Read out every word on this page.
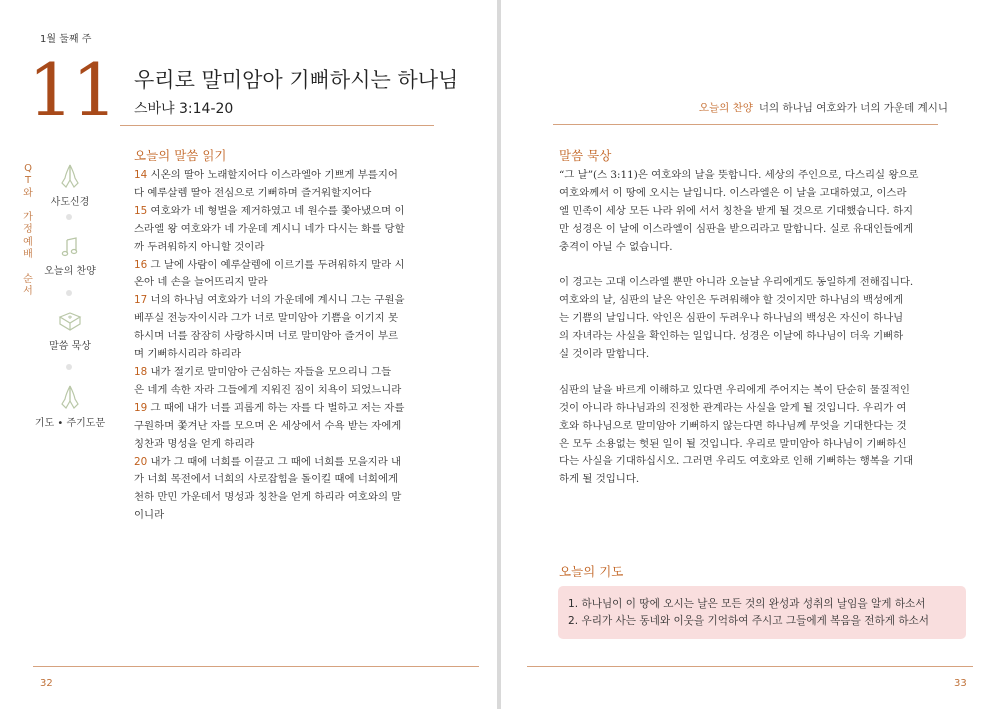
1월 둘째 주
11 우리로 말미암아 기뻐하시는 하나님
스바냐 3:14-20
Q
T
와

가
정
예
배

순
서
사도신경
오늘의 찬양
말씀 묵상
기도 • 주기도문
오늘의 말씀 읽기
14 시온의 딸아 노래할지어다 이스라엘아 기쁘게 부를지어
다 예루살렘 딸아 전심으로 기뻐하며 즐거워할지어다
15 여호와가 네 형벌을 제거하였고 네 원수를 쫓아냈으며 이
스라엘 왕 여호와가 네 가운데 계시니 네가 다시는 화를 당할
까 두려워하지 아니할 것이라
16 그 날에 사람이 예루살렘에 이르기를 두려워하지 말라 시
온아 네 손을 늘어뜨리지 말라
17 너의 하나님 여호와가 너의 가운데에 계시니 그는 구원을
베푸실 전능자이시라 그가 너로 말미암아 기쁨을 이기지 못
하시며 너를 잠잠히 사랑하시며 너로 말미암아 즐거이 부르
며 기뻐하시리라 하리라
18 내가 절기로 말미암아 근심하는 자들을 모으리니 그들
은 네게 속한 자라 그들에게 지워진 짐이 치욕이 되었느니라
19 그 때에 내가 너를 괴롭게 하는 자를 다 벌하고 저는 자를
구원하며 쫓겨난 자를 모으며 온 세상에서 수욕 받는 자에게
칭찬과 명성을 얻게 하리라
20 내가 그 때에 너희를 이끌고 그 때에 너희를 모을지라 내
가 너희 목전에서 너희의 사로잡힘을 돌이킬 때에 너희에게
천하 만민 가운데서 명성과 칭찬을 얻게 하리라 여호와의 말
이니라
32
오늘의 찬양 너의 하나님 여호와가 너의 가운데 계시니
말씀 묵상
“그 날”(스 3:11)은 여호와의 날을 뜻합니다. 세상의 주인으로, 다스리실 왕으로
여호와께서 이 땅에 오시는 날입니다. 이스라엘은 이 날을 고대하였고, 이스라
엘 민족이 세상 모든 나라 위에 서서 칭찬을 받게 될 것으로 기대했습니다. 하지
만 성경은 이 날에 이스라엘이 심판을 받으리라고 말합니다. 실로 유대인들에게
충격이 아닐 수 없습니다.
이 경고는 고대 이스라엘 뿐만 아니라 오늘날 우리에게도 동일하게 전해집니다.
여호와의 날, 심판의 날은 악인은 두려워해야 할 것이지만 하나님의 백성에게
는 기쁨의 날입니다. 악인은 심판이 두려우나 하나님의 백성은 자신이 하나님
의 자녀라는 사실을 확인하는 일입니다. 성경은 이날에 하나님이 더욱 기뻐하
실 것이라 말합니다.
심판의 날을 바르게 이해하고 있다면 우리에게 주어지는 복이 단순히 물질적인
것이 아니라 하나님과의 진정한 관계라는 사실을 알게 될 것입니다. 우리가 여
호와 하나님으로 말미암아 기뻐하지 않는다면 하나님께 무엇을 기대한다는 것
은 모두 소용없는 헛된 일이 될 것입니다. 우리로 말미암아 하나님이 기뻐하신
다는 사실을 기대하십시오. 그러면 우리도 여호와로 인해 기뻐하는 행복을 기대
하게 될 것입니다.
오늘의 기도
1. 하나님이 이 땅에 오시는 날은 모든 것의 완성과 성취의 날임을 알게 하소서
2. 우리가 사는 동네와 이웃을 기억하여 주시고 그들에게 복음을 전하게 하소서
33
